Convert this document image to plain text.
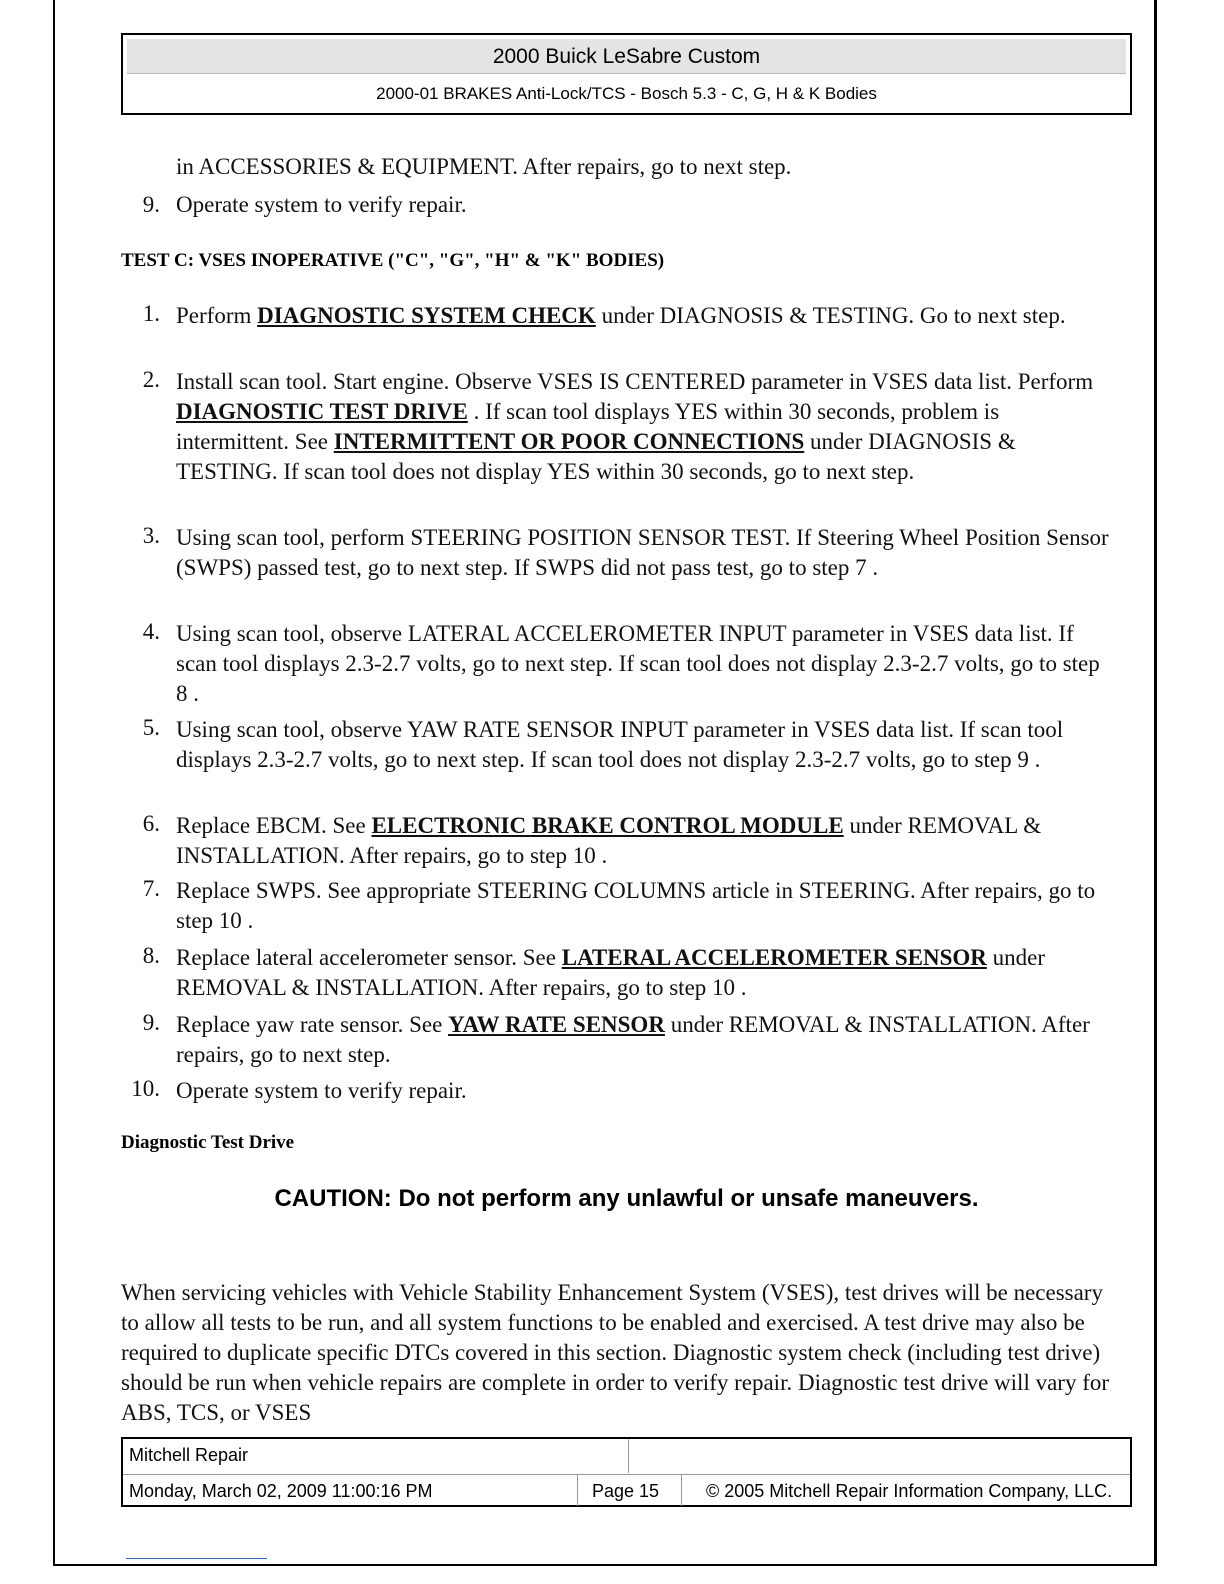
2000 Buick LeSabre Custom
2000-01 BRAKES Anti-Lock/TCS - Bosch 5.3 - C, G, H & K Bodies
in ACCESSORIES & EQUIPMENT. After repairs, go to next step.
9. Operate system to verify repair.
TEST C: VSES INOPERATIVE ("C", "G", "H" & "K" BODIES)
1. Perform DIAGNOSTIC SYSTEM CHECK under DIAGNOSIS & TESTING. Go to next step.
2. Install scan tool. Start engine. Observe VSES IS CENTERED parameter in VSES data list. Perform DIAGNOSTIC TEST DRIVE . If scan tool displays YES within 30 seconds, problem is intermittent. See INTERMITTENT OR POOR CONNECTIONS under DIAGNOSIS & TESTING. If scan tool does not display YES within 30 seconds, go to next step.
3. Using scan tool, perform STEERING POSITION SENSOR TEST. If Steering Wheel Position Sensor (SWPS) passed test, go to next step. If SWPS did not pass test, go to step 7 .
4. Using scan tool, observe LATERAL ACCELEROMETER INPUT parameter in VSES data list. If scan tool displays 2.3-2.7 volts, go to next step. If scan tool does not display 2.3-2.7 volts, go to step 8 .
5. Using scan tool, observe YAW RATE SENSOR INPUT parameter in VSES data list. If scan tool displays 2.3-2.7 volts, go to next step. If scan tool does not display 2.3-2.7 volts, go to step 9 .
6. Replace EBCM. See ELECTRONIC BRAKE CONTROL MODULE under REMOVAL & INSTALLATION. After repairs, go to step 10 .
7. Replace SWPS. See appropriate STEERING COLUMNS article in STEERING. After repairs, go to step 10 .
8. Replace lateral accelerometer sensor. See LATERAL ACCELEROMETER SENSOR under REMOVAL & INSTALLATION. After repairs, go to step 10 .
9. Replace yaw rate sensor. See YAW RATE SENSOR under REMOVAL & INSTALLATION. After repairs, go to next step.
10. Operate system to verify repair.
Diagnostic Test Drive
CAUTION: Do not perform any unlawful or unsafe maneuvers.
When servicing vehicles with Vehicle Stability Enhancement System (VSES), test drives will be necessary to allow all tests to be run, and all system functions to be enabled and exercised. A test drive may also be required to duplicate specific DTCs covered in this section. Diagnostic system check (including test drive) should be run when vehicle repairs are complete in order to verify repair. Diagnostic test drive will vary for ABS, TCS, or VSES
Mitchell Repair
Monday, March 02, 2009 11:00:16 PM	Page 15	© 2005 Mitchell Repair Information Company, LLC.
